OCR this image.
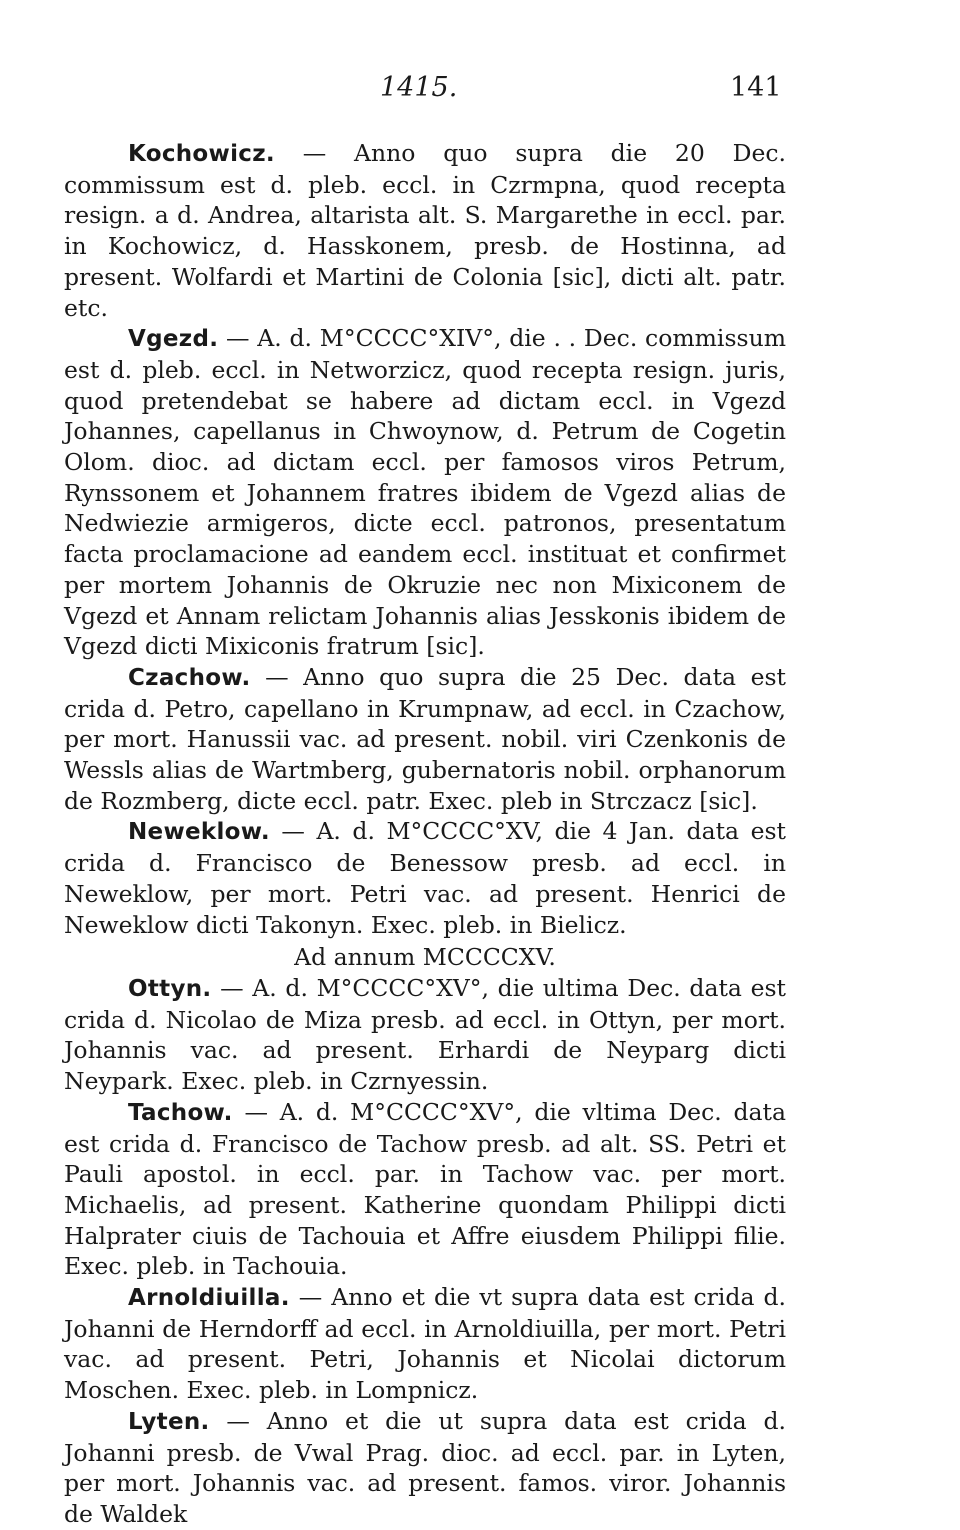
1415.	141

Kochowicz. — Anno quo supra die 20 Dec. commissum est d. pleb. eccl. in Czrmpna, quod recepta resign. a d. Andrea, altarista alt. S. Margarethe in eccl. par. in Kochowicz, d. Hasskonem, presb. de Hostinna, ad present. Wolfardi et Martini de Colonia [sic], dicti alt. patr. etc.

Vgezd. — A. d. M°CCCC°XIV°, die . . Dec. commissum est d. pleb. eccl. in Networzicz, quod recepta resign. juris, quod pretendebat se habere ad dictam eccl. in Vgezd Johannes, capellanus in Chwoynow, d. Petrum de Cogetin Olom. dioc. ad dictam eccl. per famosos viros Petrum, Rynssonem et Johannem fratres ibidem de Vgezd alias de Nedwiezie armigeros, dicte eccl. patronos, presentatum facta proclamacione ad eandem eccl. instituat et confirmet per mortem Johannis de Okruzie nec non Mixiconem de Vgezd et Annam relictam Johannis alias Jesskonis ibidem de Vgezd dicti Mixiconis fratrum [sic].

Czachow. — Anno quo supra die 25 Dec. data est crida d. Petro, capellano in Krumpnaw, ad eccl. in Czachow, per mort. Hanussii vac. ad present. nobil. viri Czenkonis de Wessls alias de Wartmberg, gubernatoris nobil. orphanorum de Rozmberg, dicte eccl. patr. Exec. pleb in Strczacz [sic].

Neweklow. — A. d. M°CCCC°XV, die 4 Jan. data est crida d. Francisco de Benessow presb. ad eccl. in Neweklow, per mort. Petri vac. ad present. Henrici de Neweklow dicti Takonyn. Exec. pleb. in Bielicz.

Ad annum MCCCCXV.

Ottyn. — A. d. M°CCCC°XV°, die ultima Dec. data est crida d. Nicolao de Miza presb. ad eccl. in Ottyn, per mort. Johannis vac. ad present. Erhardi de Neyparg dicti Neypark. Exec. pleb. in Czrnyessin.

Tachow. — A. d. M°CCCC°XV°, die vltima Dec. data est crida d. Francisco de Tachow presb. ad alt. SS. Petri et Pauli apostol. in eccl. par. in Tachow vac. per mort. Michaelis, ad present. Katherine quondam Philippi dicti Halprater ciuis de Tachouia et Affre eiusdem Philippi filie. Exec. pleb. in Tachouia.

Arnoldiuilla. — Anno et die vt supra data est crida d. Johanni de Herndorff ad eccl. in Arnoldiuilla, per mort. Petri vac. ad present. Petri, Johannis et Nicolai dictorum Moschen. Exec. pleb. in Lompnicz.

Lyten. — Anno et die ut supra data est crida d. Johanni presb. de Vwal Prag. dioc. ad eccl. par. in Lyten, per mort. Johannis vac. ad present. famos. viror. Johannis de Waldek
